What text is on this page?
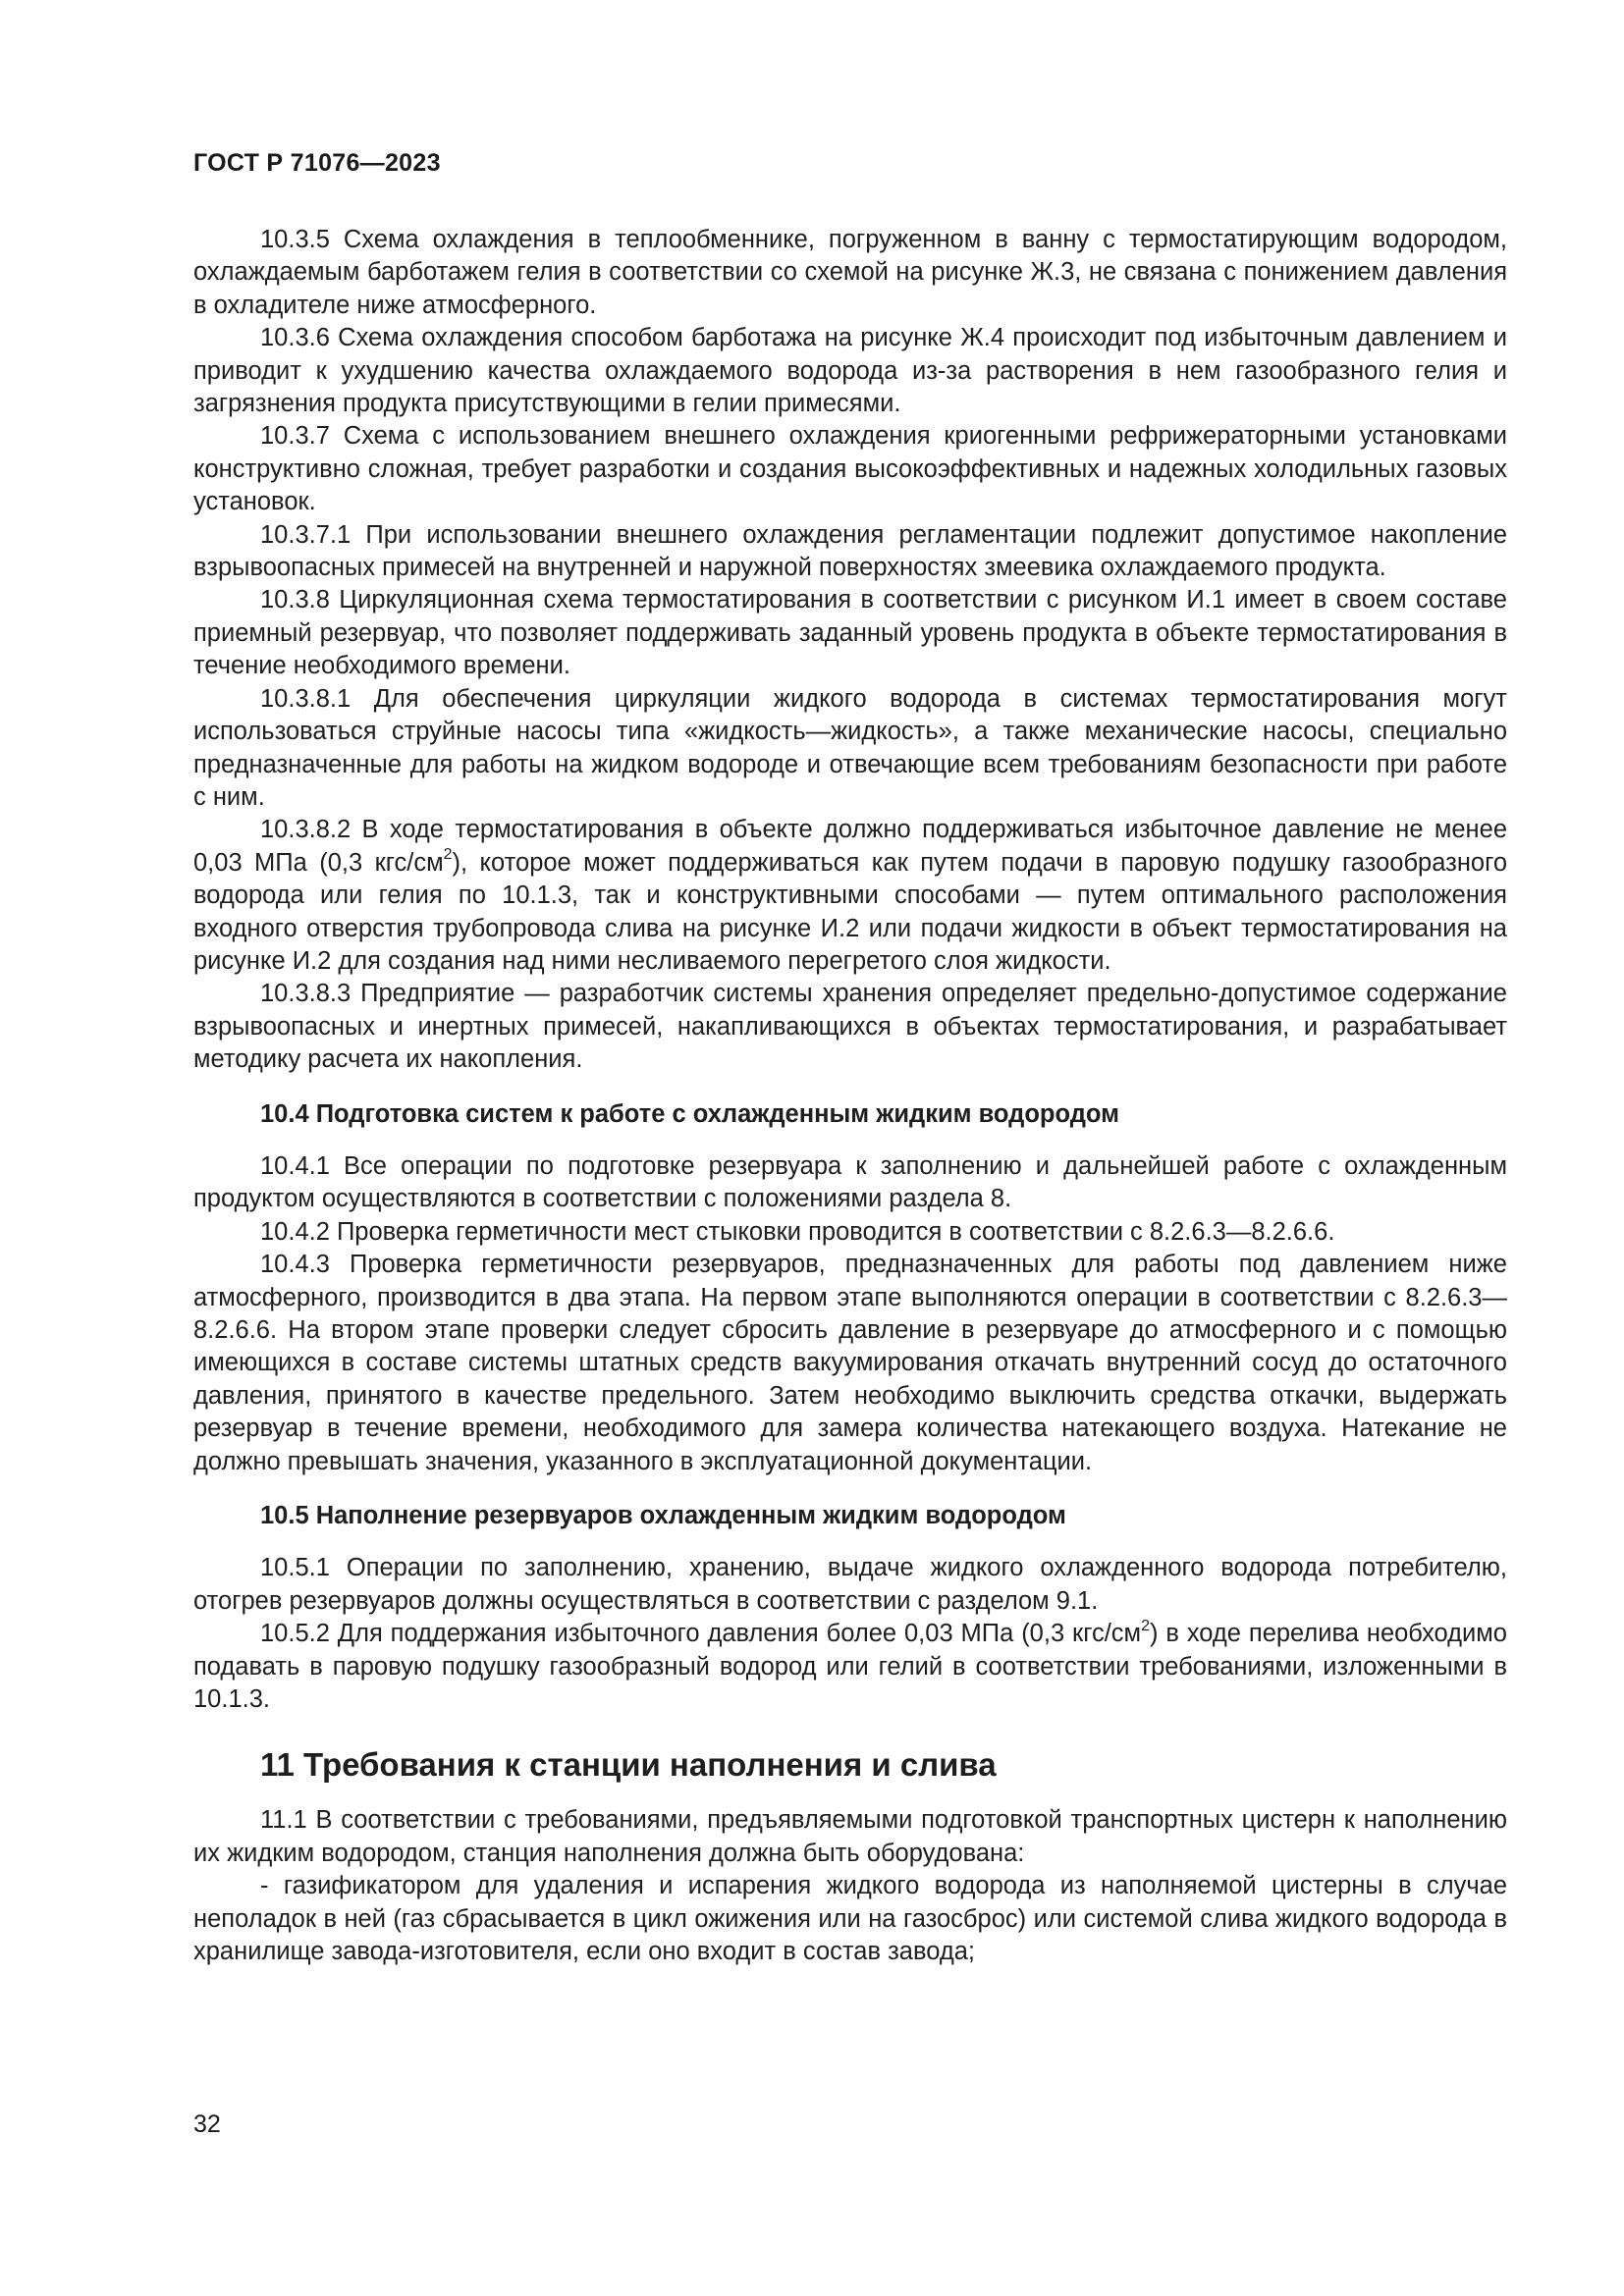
ГОСТ Р 71076—2023

10.3.5 Схема охлаждения в теплообменнике, погруженном в ванну с термостатирующим водородом, охлаждаемым барботажем гелия в соответствии со схемой на рисунке Ж.3, не связана с понижением давления в охладителе ниже атмосферного.

10.3.6 Схема охлаждения способом барботажа на рисунке Ж.4 происходит под избыточным давлением и приводит к ухудшению качества охлаждаемого водорода из-за растворения в нем газообразного гелия и загрязнения продукта присутствующими в гелии примесями.

10.3.7 Схема с использованием внешнего охлаждения криогенными рефрижераторными установками конструктивно сложная, требует разработки и создания высокоэффективных и надежных холодильных газовых установок.

10.3.7.1 При использовании внешнего охлаждения регламентации подлежит допустимое накопление взрывоопасных примесей на внутренней и наружной поверхностях змеевика охлаждаемого продукта.

10.3.8 Циркуляционная схема термостатирования в соответствии с рисунком И.1 имеет в своем составе приемный резервуар, что позволяет поддерживать заданный уровень продукта в объекте термостатирования в течение необходимого времени.

10.3.8.1 Для обеспечения циркуляции жидкого водорода в системах термостатирования могут использоваться струйные насосы типа «жидкость—жидкость», а также механические насосы, специально предназначенные для работы на жидком водороде и отвечающие всем требованиям безопасности при работе с ним.

10.3.8.2 В ходе термостатирования в объекте должно поддерживаться избыточное давление не менее 0,03 МПа (0,3 кгс/$см^2$), которое может поддерживаться как путем подачи в паровую подушку газообразного водорода или гелия по 10.1.3, так и конструктивными способами — путем оптимального расположения входного отверстия трубопровода слива на рисунке И.2 или подачи жидкости в объект термостатирования на рисунке И.2 для создания над ними несливаемого перегретого слоя жидкости.

10.3.8.3 Предприятие — разработчик системы хранения определяет предельно-допустимое содержание взрывоопасных и инертных примесей, накапливающихся в объектах термостатирования, и разрабатывает методику расчета их накопления.

10.4 Подготовка систем к работе с охлажденным жидким водородом

10.4.1 Все операции по подготовке резервуара к заполнению и дальнейшей работе с охлажденным продуктом осуществляются в соответствии с положениями раздела 8.

10.4.2 Проверка герметичности мест стыковки проводится в соответствии с 8.2.6.3—8.2.6.6.

10.4.3 Проверка герметичности резервуаров, предназначенных для работы под давлением ниже атмосферного, производится в два этапа. На первом этапе выполняются операции в соответствии с 8.2.6.3—8.2.6.6. На втором этапе проверки следует сбросить давление в резервуаре до атмосферного и с помощью имеющихся в составе системы штатных средств вакуумирования откачать внутренний сосуд до остаточного давления, принятого в качестве предельного. Затем необходимо выключить средства откачки, выдержать резервуар в течение времени, необходимого для замера количества натекающего воздуха. Натекание не должно превышать значения, указанного в эксплуатационной документации.

10.5 Наполнение резервуаров охлажденным жидким водородом

10.5.1 Операции по заполнению, хранению, выдаче жидкого охлажденного водорода потребителю, отогрев резервуаров должны осуществляться в соответствии с разделом 9.1.

10.5.2 Для поддержания избыточного давления более 0,03 МПа (0,3 кгс/$см^2$) в ходе перелива необходимо подавать в паровую подушку газообразный водород или гелий в соответствии требованиями, изложенными в 10.1.3.

11 Требования к станции наполнения и слива

11.1 В соответствии с требованиями, предъявляемыми подготовкой транспортных цистерн к наполнению их жидким водородом, станция наполнения должна быть оборудована:

- газификатором для удаления и испарения жидкого водорода из наполняемой цистерны в случае неполадок в ней (газ сбрасывается в цикл ожижения или на газосброс) или системой слива жидкого водорода в хранилище завода-изготовителя, если оно входит в состав завода;

32
